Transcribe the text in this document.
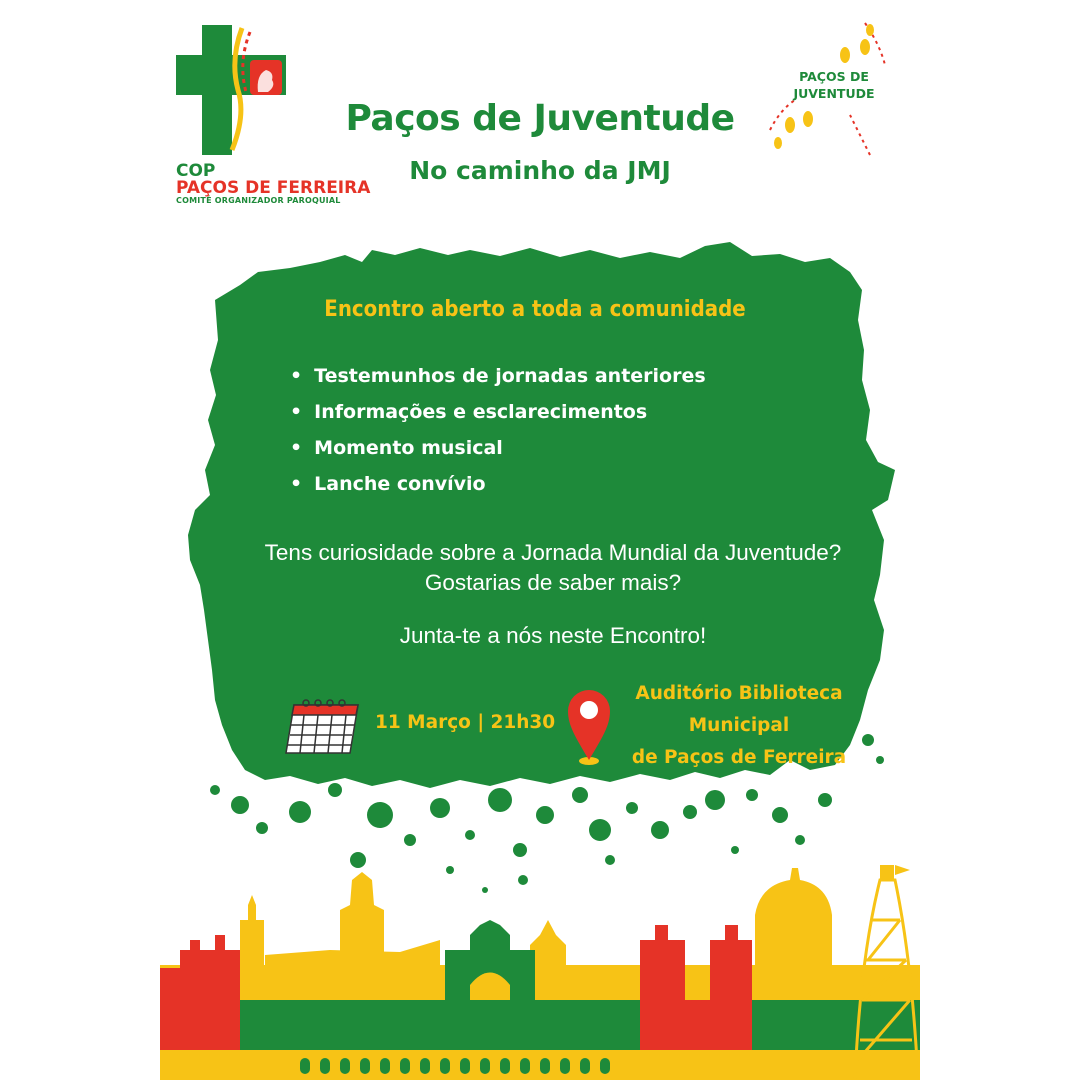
COP
PAÇOS DE FERREIRA
COMITÉ ORGANIZADOR PAROQUIAL
PAÇOS DE
JUVENTUDE
Paços de Juventude
No caminho da JMJ
Encontro aberto a toda a comunidade
• Testemunhos de jornadas anteriores
• Informações e esclarecimentos
• Momento musical
• Lanche convívio
Tens curiosidade sobre a Jornada Mundial da Juventude? Gostarias de saber mais?
Junta-te a nós neste Encontro!
11 Março | 21h30
Auditório Biblioteca
Municipal
de Paços de Ferreira
